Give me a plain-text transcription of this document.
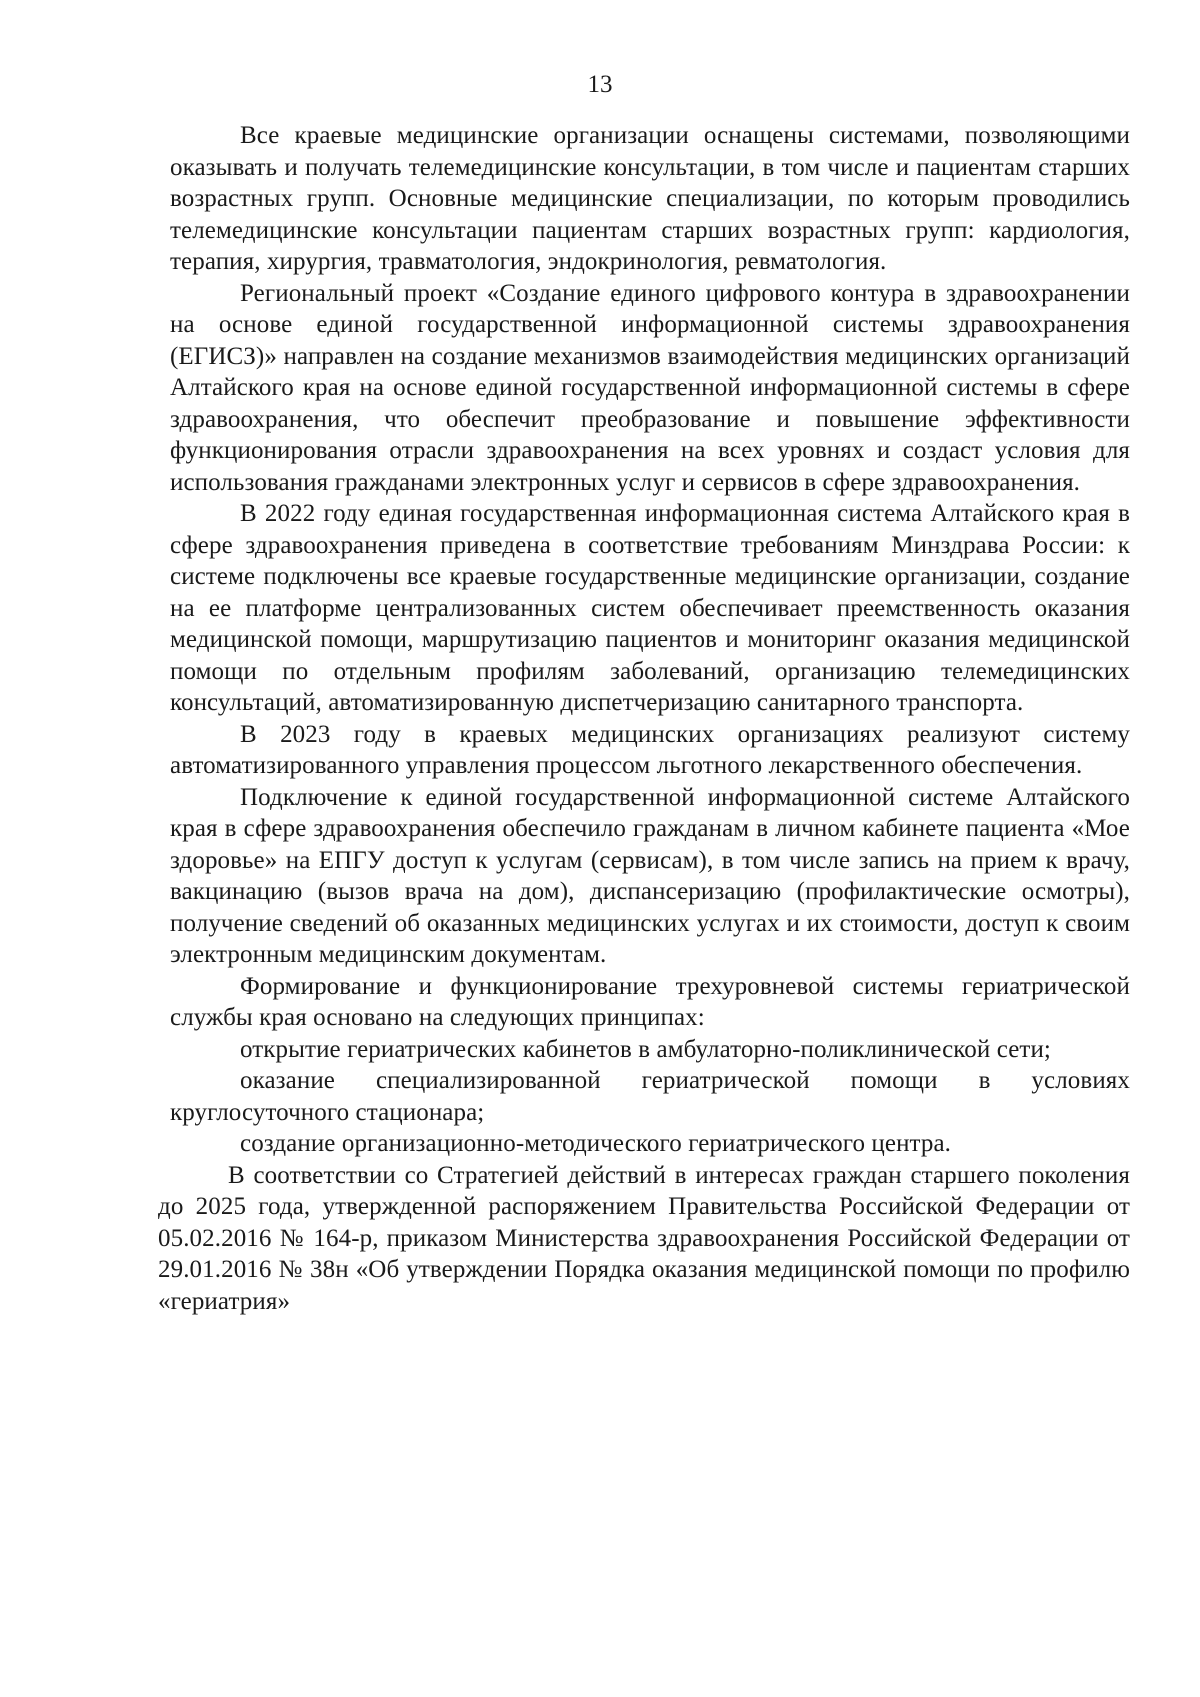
13

Все краевые медицинские организации оснащены системами, позволяющими оказывать и получать телемедицинские консультации, в том числе и пациентам старших возрастных групп. Основные медицинские специализации, по которым проводились телемедицинские консультации пациентам старших возрастных групп: кардиология, терапия, хирургия, травматология, эндокринология, ревматология.

Региональный проект «Создание единого цифрового контура в здравоохранении на основе единой государственной информационной системы здравоохранения (ЕГИСЗ)» направлен на создание механизмов взаимодействия медицинских организаций Алтайского края на основе единой государственной информационной системы в сфере здравоохранения, что обеспечит преобразование и повышение эффективности функционирования отрасли здравоохранения на всех уровнях и создаст условия для использования гражданами электронных услуг и сервисов в сфере здравоохранения.

В 2022 году единая государственная информационная система Алтайского края в сфере здравоохранения приведена в соответствие требованиям Минздрава России: к системе подключены все краевые государственные медицинские организации, создание на ее платформе централизованных систем обеспечивает преемственность оказания медицинской помощи, маршрутизацию пациентов и мониторинг оказания медицинской помощи по отдельным профилям заболеваний, организацию телемедицинских консультаций, автоматизированную диспетчеризацию санитарного транспорта.

В 2023 году в краевых медицинских организациях реализуют систему автоматизированного управления процессом льготного лекарственного обеспечения.

Подключение к единой государственной информационной системе Алтайского края в сфере здравоохранения обеспечило гражданам в личном кабинете пациента «Мое здоровье» на ЕПГУ доступ к услугам (сервисам), в том числе запись на прием к врачу, вакцинацию (вызов врача на дом), диспансеризацию (профилактические осмотры), получение сведений об оказанных медицинских услугах и их стоимости, доступ к своим электронным медицинским документам.

Формирование и функционирование трехуровневой системы гериатрической службы края основано на следующих принципах:

открытие гериатрических кабинетов в амбулаторно-поликлинической сети;

оказание специализированной гериатрической помощи в условиях круглосуточного стационара;

создание организационно-методического гериатрического центра.

В соответствии со Стратегией действий в интересах граждан старшего поколения до 2025 года, утвержденной распоряжением Правительства Российской Федерации от 05.02.2016 № 164-р, приказом Министерства здравоохранения Российской Федерации от 29.01.2016 № 38н «Об утверждении Порядка оказания медицинской помощи по профилю «гериатрия»
